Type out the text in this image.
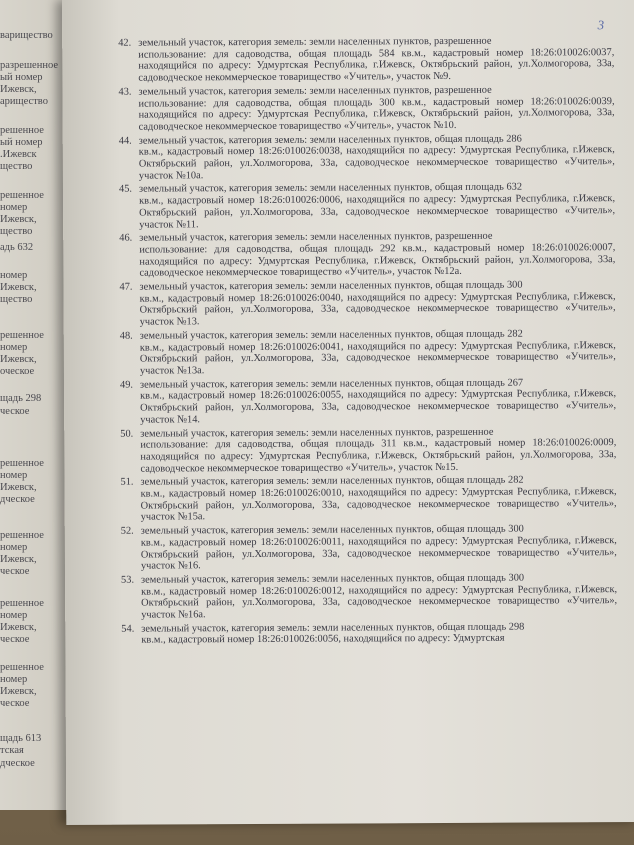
варищество
разрешенное
ый номер
Ижевск,
ариществo
решенное
ый номер
.Ижевск
щество
решенное
номер
Ижевск,
щество
адь 632
номер
Ижевск,
щество
решенное
номер
Ижевск,
очеcкое
щадь 298
ческое
решенное
номер
Ижевск,
дческое
решенное
номер
Ижевск,
ческое
решенное
номер
Ижевск,
ческое
решенное
номер
Ижевск,
ческое
щадь 613
тская
дческое
3
42. земельный участок, категория земель: земли населенных пунктов, разрешенное
использование: для садоводства, общая площадь 584 кв.м., кадастровый номер 18:26:010026:0037, находящийся по адресу: Удмуртская Республика, г.Ижевск, Октябрьский район, ул.Холмогорова, 33а, садоводческое некоммерческое товарищество «Учитель», участок №9.
43. земельный участок, категория земель: земли населенных пунктов, разрешенное
использование: для садоводства, общая площадь 300 кв.м., кадастровый номер 18:26:010026:0039, находящийся по адресу: Удмуртская Республика, г.Ижевск, Октябрьский район, ул.Холмогорова, 33а, садоводческое некоммерческое товарищество «Учитель», участок №10.
44. земельный участок, категория земель: земли населенных пунктов, общая площадь 286
кв.м., кадастровый номер 18:26:010026:0038, находящийся по адресу: Удмуртская Республика, г.Ижевск, Октябрьский район, ул.Холмогорова, 33а, садоводческое некоммерческое товарищество «Учитель», участок №10а.
45. земельный участок, категория земель: земли населенных пунктов, общая площадь 632
кв.м., кадастровый номер 18:26:010026:0006, находящийся по адресу: Удмуртская Республика, г.Ижевск, Октябрьский район, ул.Холмогорова, 33а, садоводческое некоммерческое товарищество «Учитель», участок №11.
46. земельный участок, категория земель: земли населенных пунктов, разрешенное
использование: для садоводства, общая площадь 292 кв.м., кадастровый номер 18:26:010026:0007, находящийся по адресу: Удмуртская Республика, г.Ижевск, Октябрьский район, ул.Холмогорова, 33а, садоводческое некоммерческое товарищество «Учитель», участок №12а.
47. земельный участок, категория земель: земли населенных пунктов, общая площадь 300
кв.м., кадастровый номер 18:26:010026:0040, находящийся по адресу: Удмуртская Республика, г.Ижевск, Октябрьский район, ул.Холмогорова, 33а, садоводческое некоммерческое товарищество «Учитель», участок №13.
48. земельный участок, категория земель: земли населенных пунктов, общая площадь 282
кв.м., кадастровый номер 18:26:010026:0041, находящийся по адресу: Удмуртская Республика, г.Ижевск, Октябрьский район, ул.Холмогорова, 33а, садоводческое некоммерческое товарищество «Учитель», участок №13а.
49. земельный участок, категория земель: земли населенных пунктов, общая площадь 267
кв.м., кадастровый номер 18:26:010026:0055, находящийся по адресу: Удмуртская Республика, г.Ижевск, Октябрьский район, ул.Холмогорова, 33а, садоводческое некоммерческое товарищество «Учитель», участок №14.
50. земельный участок, категория земель: земли населенных пунктов, разрешенное
использование: для садоводства, общая площадь 311 кв.м., кадастровый номер 18:26:010026:0009, находящийся по адресу: Удмуртская Республика, г.Ижевск, Октябрьский район, ул.Холмогорова, 33а, садоводческое некоммерческое товарищество «Учитель», участок №15.
51. земельный участок, категория земель: земли населенных пунктов, общая площадь 282
кв.м., кадастровый номер 18:26:010026:0010, находящийся по адресу: Удмуртская Республика, г.Ижевск, Октябрьский район, ул.Холмогорова, 33а, садоводческое некоммерческое товарищество «Учитель», участок №15а.
52. земельный участок, категория земель: земли населенных пунктов, общая площадь 300
кв.м., кадастровый номер 18:26:010026:0011, находящийся по адресу: Удмуртская Республика, г.Ижевск, Октябрьский район, ул.Холмогорова, 33а, садоводческое некоммерческое товарищество «Учитель», участок №16.
53. земельный участок, категория земель: земли населенных пунктов, общая площадь 300
кв.м., кадастровый номер 18:26:010026:0012, находящийся по адресу: Удмуртская Республика, г.Ижевск, Октябрьский район, ул.Холмогорова, 33а, садоводческое некоммерческое товарищество «Учитель», участок №16а.
54. земельный участок, категория земель: земли населенных пунктов, общая площадь 298
кв.м., кадастровый номер 18:26:010026:0056, находящийся по адресу: Удмуртская
